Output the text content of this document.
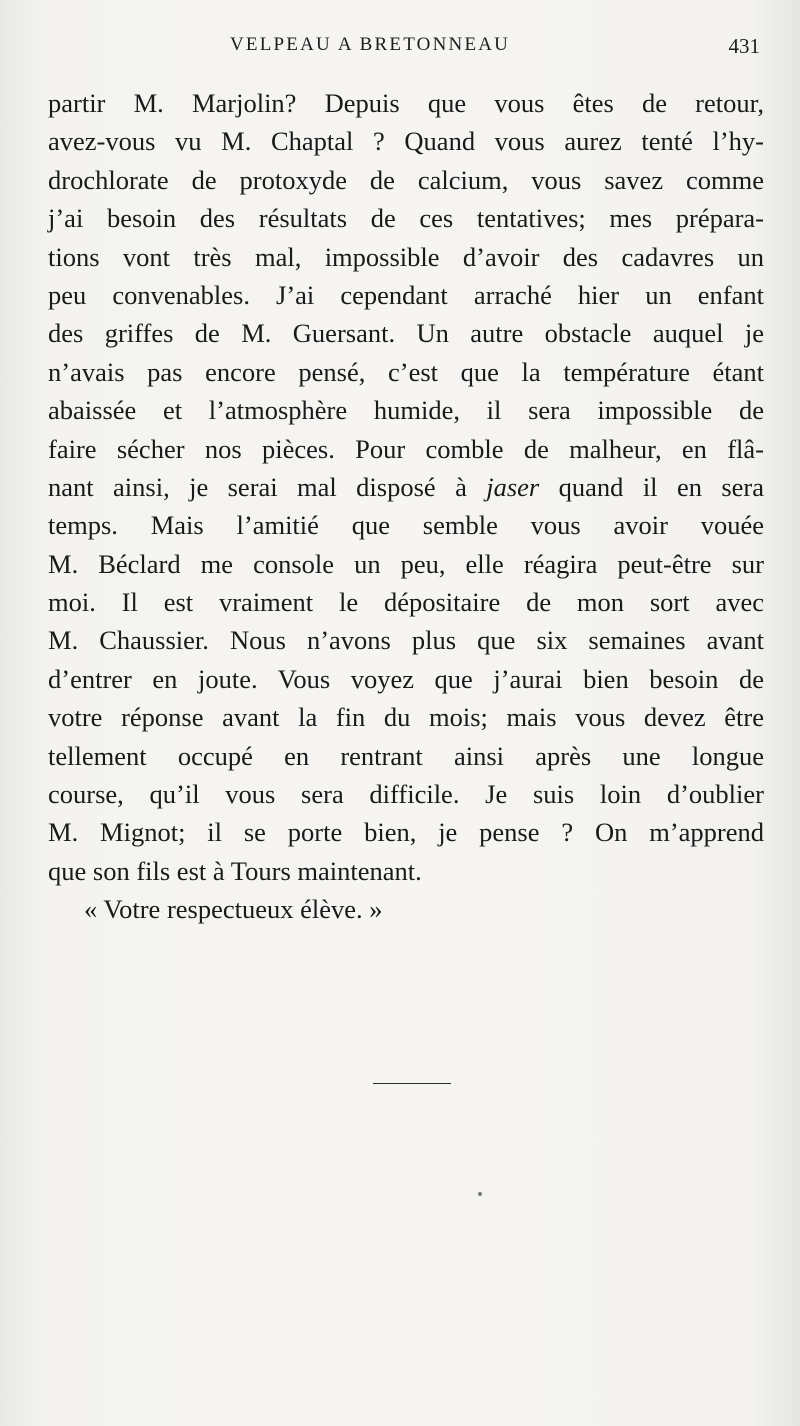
VELPEAU A BRETONNEAU	431
partir M. Marjolin? Depuis que vous êtes de retour,
avez-vous vu M. Chaptal ? Quand vous aurez tenté l’hy-
drochlorate de protoxyde de calcium, vous savez comme
j’ai besoin des résultats de ces tentatives; mes prépara-
tions vont très mal, impossible d’avoir des cadavres un
peu convenables. J’ai cependant arraché hier un enfant
des griffes de M. Guersant. Un autre obstacle auquel je
n’avais pas encore pensé, c’est que la température étant
abaissée et l’atmosphère humide, il sera impossible de
faire sécher nos pièces. Pour comble de malheur, en flâ-
nant ainsi, je serai mal disposé à jaser quand il en sera
temps. Mais l’amitié que semble vous avoir vouée
M. Béclard me console un peu, elle réagira peut-être sur
moi. Il est vraiment le dépositaire de mon sort avec
M. Chaussier. Nous n’avons plus que six semaines avant
d’entrer en joute. Vous voyez que j’aurai bien besoin de
votre réponse avant la fin du mois; mais vous devez être
tellement occupé en rentrant ainsi après une longue
course, qu’il vous sera difficile. Je suis loin d’oublier
M. Mignot; il se porte bien, je pense ? On m’apprend
que son fils est à Tours maintenant.
« Votre respectueux élève. »
